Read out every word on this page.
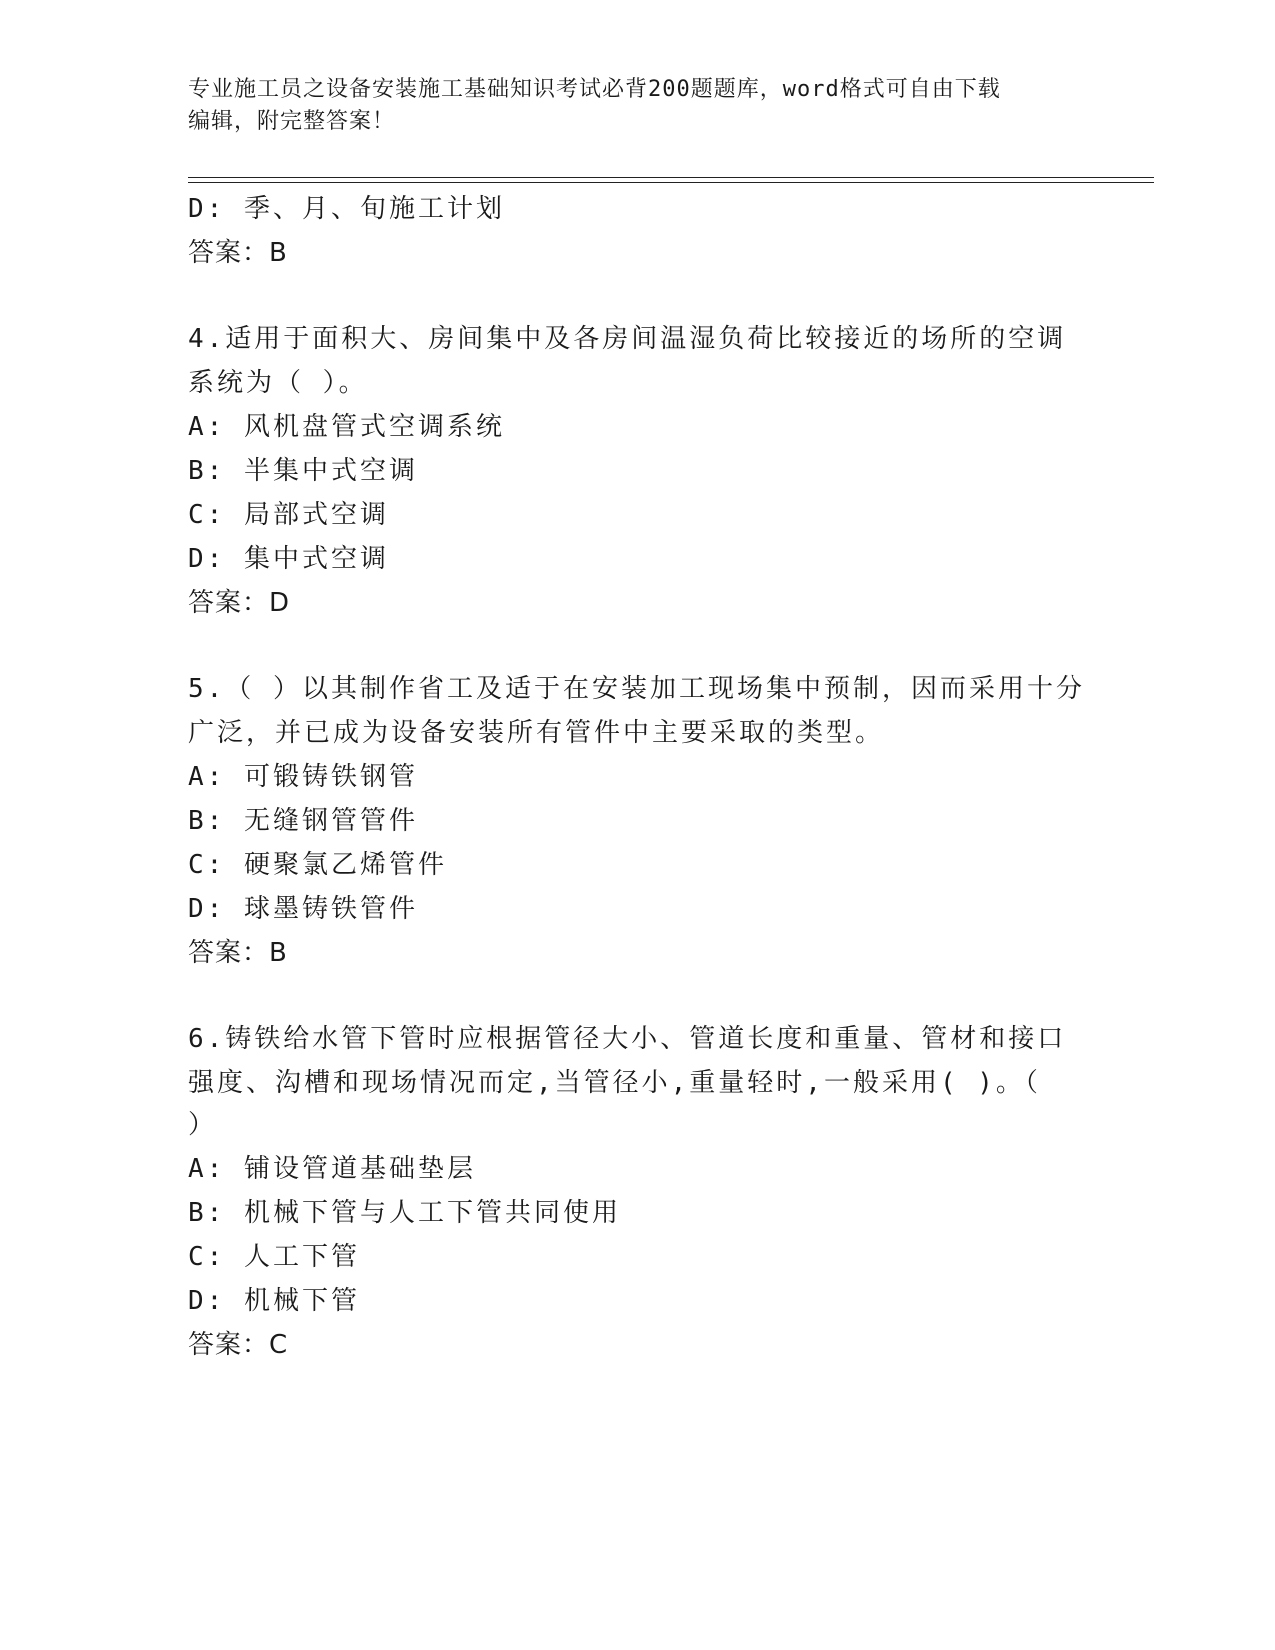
专业施工员之设备安装施工基础知识考试必背200题题库，word格式可自由下载
编辑，附完整答案！
D: 季、月、旬施工计划
答案：B
4.适用于面积大、房间集中及各房间温湿负荷比较接近的场所的空调
系统为（ ）。
A: 风机盘管式空调系统
B: 半集中式空调
C: 局部式空调
D: 集中式空调
答案：D
5.（ ）以其制作省工及适于在安装加工现场集中预制，因而采用十分
广泛，并已成为设备安装所有管件中主要采取的类型。
A: 可锻铸铁钢管
B: 无缝钢管管件
C: 硬聚氯乙烯管件
D: 球墨铸铁管件
答案：B
6.铸铁给水管下管时应根据管径大小、管道长度和重量、管材和接口
强度、沟槽和现场情况而定,当管径小,重量轻时,一般采用( )。（
）
A: 铺设管道基础垫层
B: 机械下管与人工下管共同使用
C: 人工下管
D: 机械下管
答案：C
